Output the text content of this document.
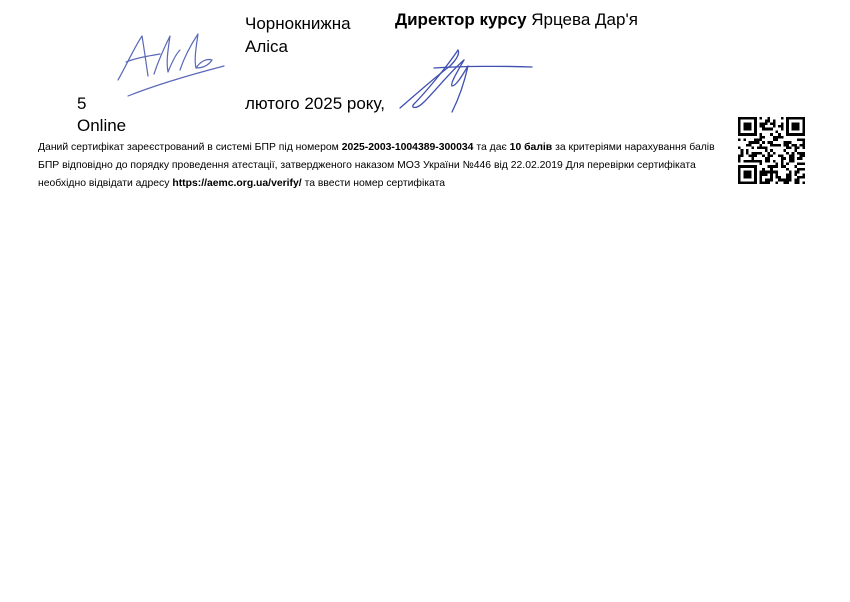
Чорнокнижна
Аліса
Директор курсу Ярцева Дар'я
5
Online
лютого 2025 року,
Даний сертифікат зареєстрований в системі БПР під номером 2025-2003-1004389-300034 та дає 10 балів за критеріями нарахування балів БПР відповідно до порядку проведення атестації, затвердженого наказом МОЗ України №446 від 22.02.2019 Для перевірки сертифіката необхідно відвідати адресу https://aemc.org.ua/verify/ та ввести номер сертифіката
